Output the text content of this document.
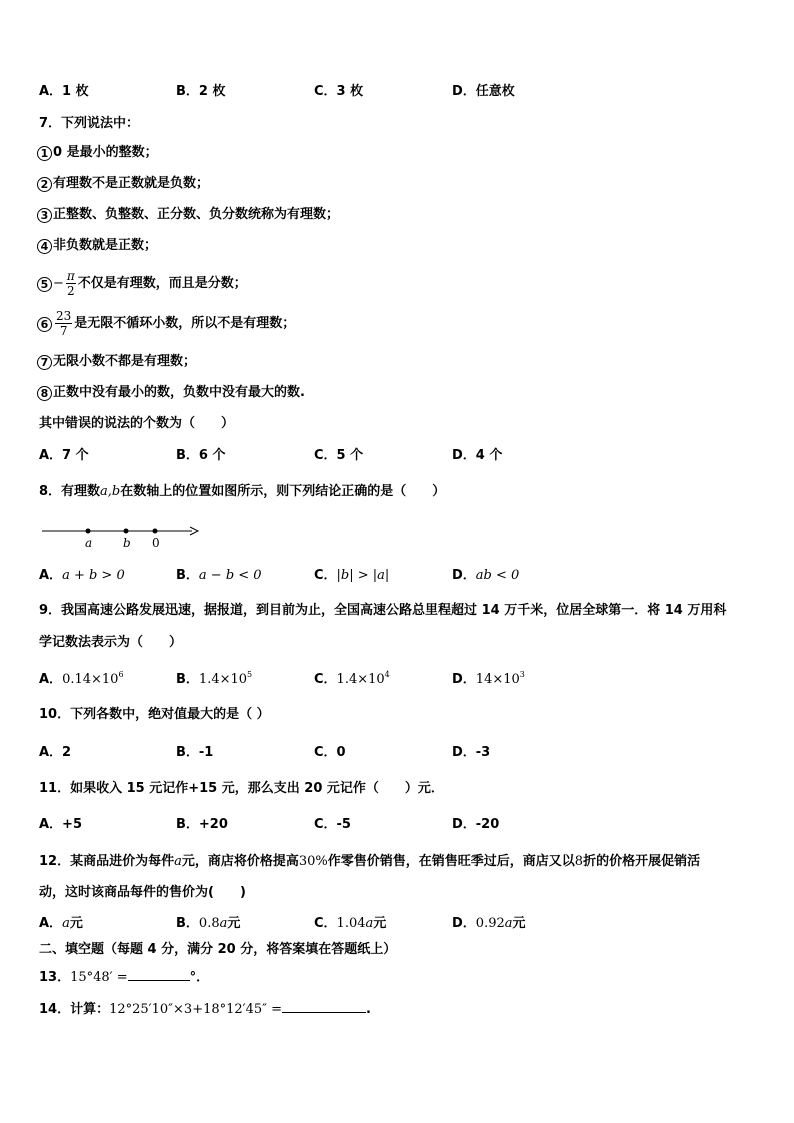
A．1 枚	B．2 枚	C．3 枚	D．任意枚
7．下列说法中：
1 0 是最小的整数；
2 有理数不是正数就是负数；
3 正整数、负整数、正分数、负分数统称为有理数；
4 非负数就是正数；
$5 - \frac{\pi}{2}$ 不仅是有理数，而且是分数；
$6 \frac{23}{7}$ 是无限不循环小数，所以不是有理数；
7 无限小数不都是有理数；
8 正数中没有最小的数，负数中没有最大的数.
其中错误的说法的个数为（　　）
A．7 个	B．6 个	C．5 个	D．4 个
8．有理数a,b在数轴上的位置如图所示，则下列结论正确的是（　　）
a	b 0
A．a + b > 0	B．a − b < 0	C．|b| > |a|	D．ab < 0
9．我国高速公路发展迅速，据报道，到目前为止，全国高速公路总里程超过 14 万千米，位居全球第一．将 14 万用科
学记数法表示为（　　）
A．$0.14\times 10^6$	B．$1.4\times 10^5$	C．$1.4\times 10^4$	D．$14\times 10^3$
10．下列各数中，绝对值最大的是（ ）
A．2	B．-1	C．0	D．-3
11．如果收入 15 元记作+15 元，那么支出 20 元记作（　　）元．
A．+5	B．+20	C．-5	D．-20
12．某商品进价为每件a元，商店将价格提高30%作零售价销售，在销售旺季过后，商店又以8折的价格开展促销活
动，这时该商品每件的售价为(　　)
A．a元	B．0.8a元	C．1.04a元	D．0.92a元
二、填空题（每题 4 分，满分 20 分，将答案填在答题纸上）
13．15°48′ =	°．
14．计算：12°25′10″×3+18°12′45″ =	.
